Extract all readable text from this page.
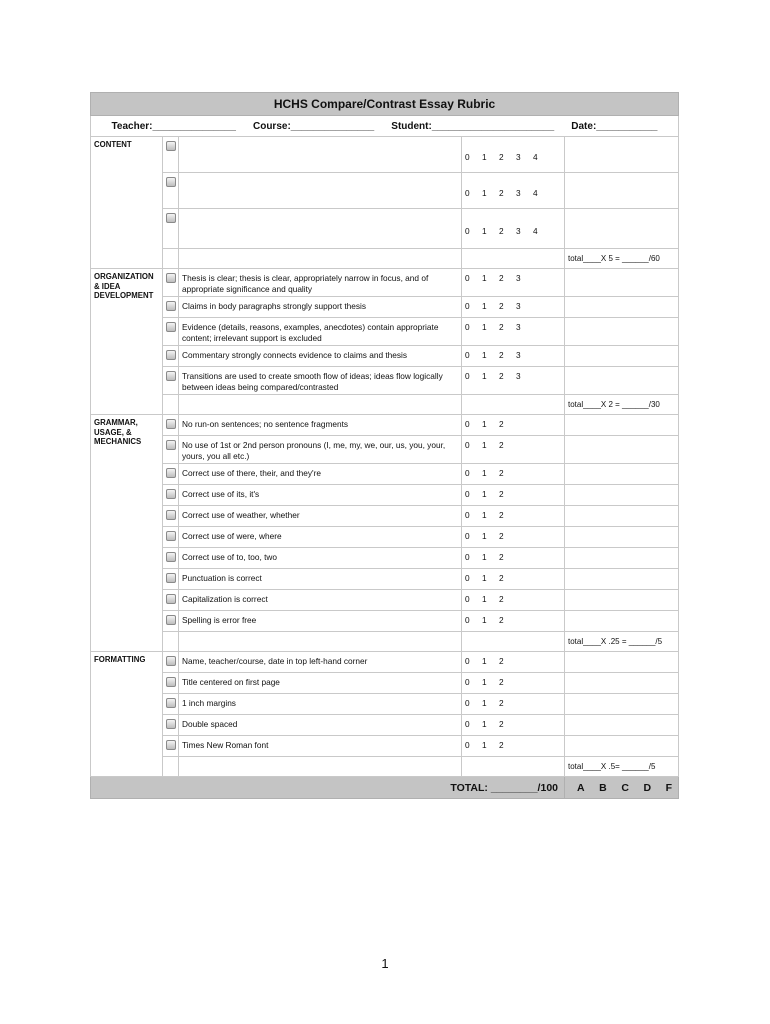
HCHS Compare/Contrast Essay Rubric				

Teacher:_______________ Course:_______________ Student:______________________ Date:___________				

CONTENT			0 1 2 3 4	
			0 1 2 3 4	
			0 1 2 3 4	
				total____X 5 = ______/60
ORGANIZATION & IDEA DEVELOPMENT		Thesis is clear; thesis is clear, appropriately narrow in focus, and of appropriate significance and quality	0 1 2 3	
		Claims in body paragraphs strongly support thesis	0 1 2 3	
		Evidence (details, reasons, examples, anecdotes) contain appropriate content; irrelevant support is excluded	0 1 2 3	
		Commentary strongly connects evidence to claims and thesis	0 1 2 3	
		Transitions are used to create smooth flow of ideas; ideas flow logically between ideas being compared/contrasted	0 1 2 3	
				total____X 2 = ______/30
GRAMMAR, USAGE, & MECHANICS		No run-on sentences; no sentence fragments	0 1 2	
		No use of 1st or 2nd person pronouns (I, me, my, we, our, us, you, your, yours, you all etc.)	0 1 2	
		Correct use of there, their, and they're	0 1 2	
		Correct use of its, it's	0 1 2	
		Correct use of weather, whether	0 1 2	
		Correct use of were, where	0 1 2	
		Correct use of to, too, two	0 1 2	
		Punctuation is correct	0 1 2	
		Capitalization is correct	0 1 2	
		Spelling is error free	0 1 2	
				total____X .25 = ______/5
FORMATTING		Name, teacher/course, date in top left-hand corner	0 1 2	
		Title centered on first page	0 1 2	
		1 inch margins	0 1 2	
		Double spaced	0 1 2	
		Times New Roman font	0 1 2	
				total____X .5= ______/5
TOTAL: ________/100				A B C D F
1
